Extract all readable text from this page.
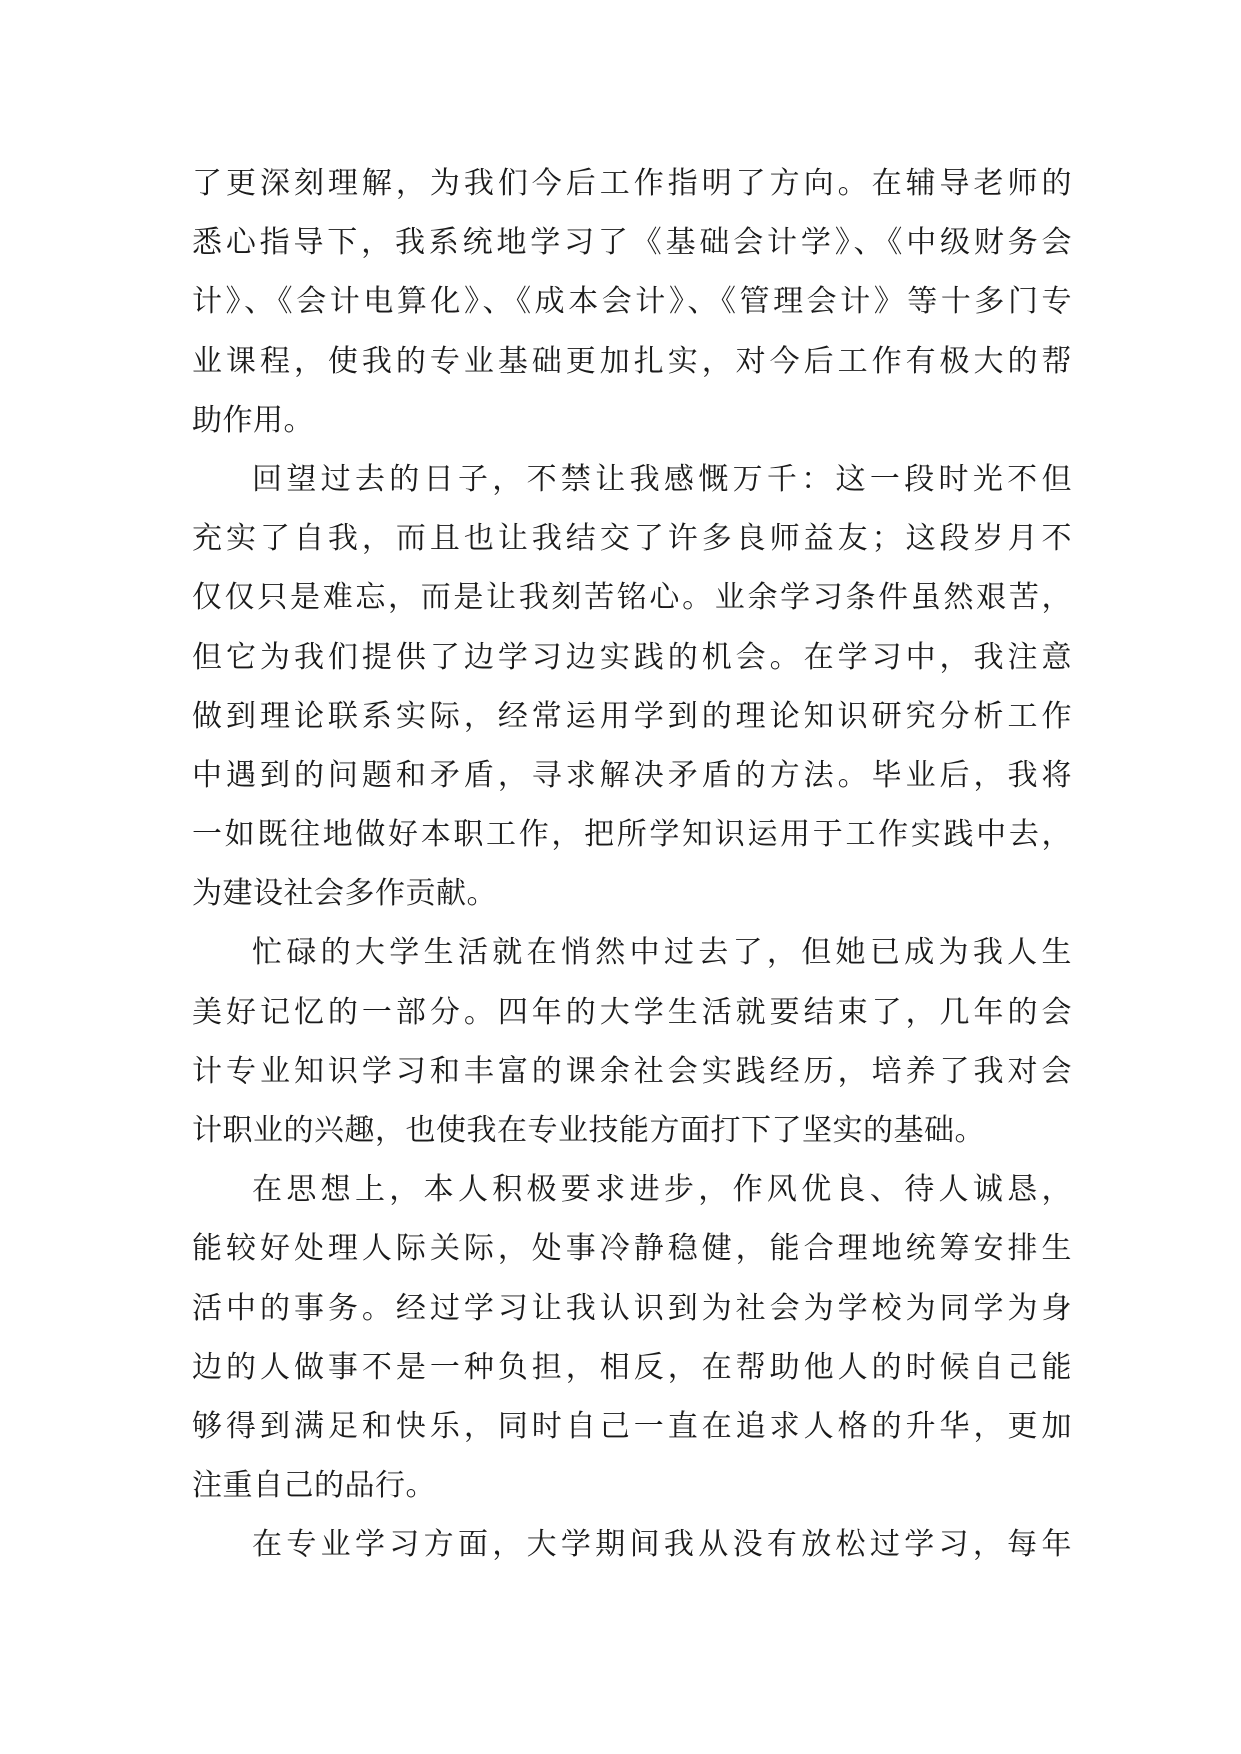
了更深刻理解，为我们今后工作指明了方向。在辅导老师的
悉心指导下，我系统地学习了《基础会计学》、《中级财务会
计》、《会计电算化》、《成本会计》、《管理会计》等十多门专
业课程，使我的专业基础更加扎实，对今后工作有极大的帮
助作用。
回望过去的日子，不禁让我感慨万千：这一段时光不但
充实了自我，而且也让我结交了许多良师益友；这段岁月不
仅仅只是难忘，而是让我刻苦铭心。业余学习条件虽然艰苦，
但它为我们提供了边学习边实践的机会。在学习中，我注意
做到理论联系实际，经常运用学到的理论知识研究分析工作
中遇到的问题和矛盾，寻求解决矛盾的方法。毕业后，我将
一如既往地做好本职工作，把所学知识运用于工作实践中去，
为建设社会多作贡献。
忙碌的大学生活就在悄然中过去了，但她已成为我人生
美好记忆的一部分。四年的大学生活就要结束了，几年的会
计专业知识学习和丰富的课余社会实践经历，培养了我对会
计职业的兴趣，也使我在专业技能方面打下了坚实的基础。
在思想上，本人积极要求进步，作风优良、待人诚恳，
能较好处理人际关际，处事冷静稳健，能合理地统筹安排生
活中的事务。经过学习让我认识到为社会为学校为同学为身
边的人做事不是一种负担，相反，在帮助他人的时候自己能
够得到满足和快乐，同时自己一直在追求人格的升华，更加
注重自己的品行。
在专业学习方面，大学期间我从没有放松过学习，每年
